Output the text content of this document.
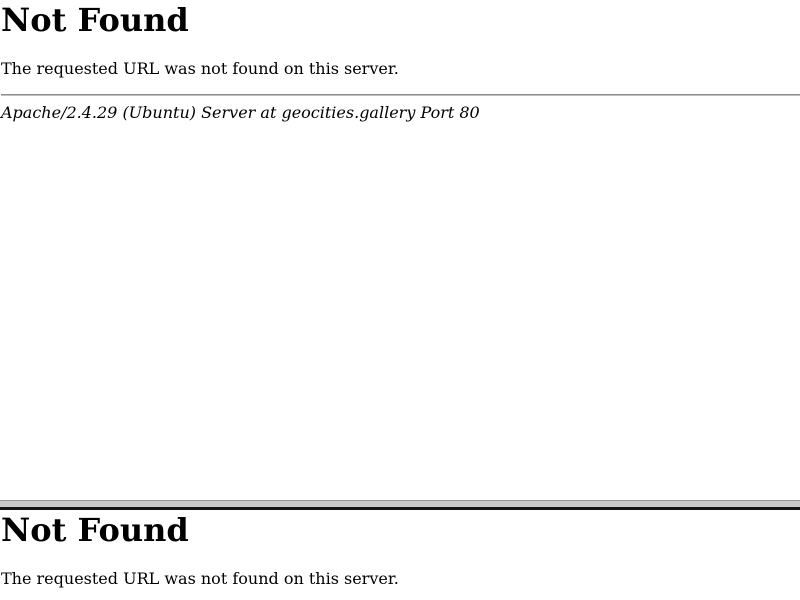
Not Found

The requested URL was not found on this server.

Apache/2.4.29 (Ubuntu) Server at geocities.gallery Port 80
Not Found

The requested URL was not found on this server.
